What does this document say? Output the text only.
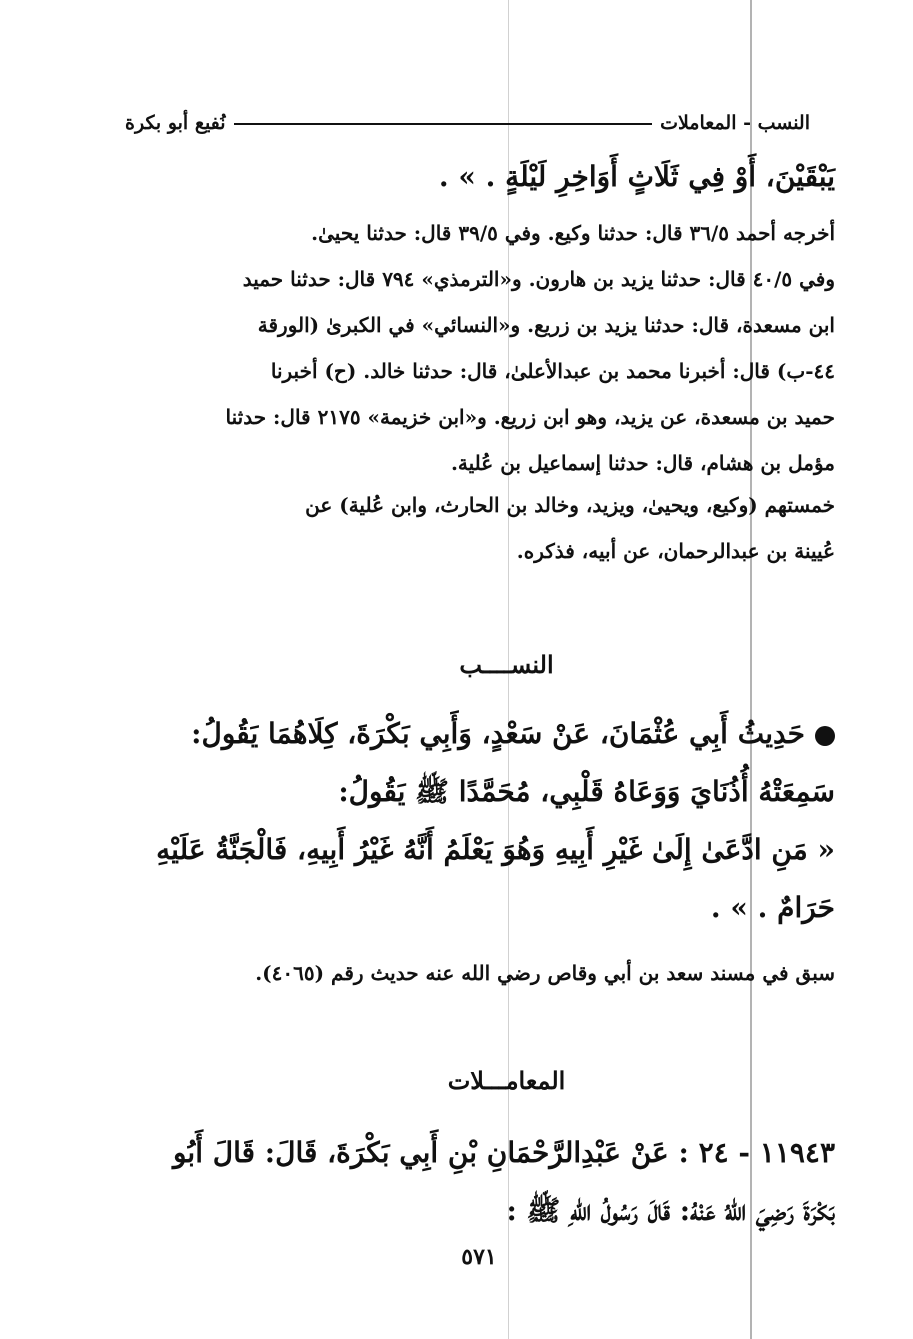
النسب - المعاملات
نُفيع أبو بكرة

يَبْقَيْنَ، أَوْ فِي ثَلَاثٍ أَوَاخِرِ لَيْلَةٍ . » .

أخرجه أحمد ٣٦/٥ قال: حدثنا وكيع. وفي ٣٩/٥ قال: حدثنا يحيىٰ.

وفي ٤٠/٥ قال: حدثنا يزيد بن هارون. و«الترمذي» ٧٩٤ قال: حدثنا حميد

ابن مسعدة، قال: حدثنا يزيد بن زريع. و«النسائي» في الكبرىٰ (الورقة

٤٤-ب) قال: أخبرنا محمد بن عبدالأعلىٰ، قال: حدثنا خالد. (ح) أخبرنا

حميد بن مسعدة، عن يزيد، وهو ابن زريع. و«ابن خزيمة» ٢١٧٥ قال: حدثنا

مؤمل بن هشام، قال: حدثنا إسماعيل بن عُلية.

خمستهم (وكيع، ويحيىٰ، ويزيد، وخالد بن الحارث، وابن عُلية) عن

عُيينة بن عبدالرحمان، عن أبيه، فذكره.

النســــب

حَدِيثُ أَبِي عُثْمَانَ، عَنْ سَعْدٍ، وَأَبِي بَكْرَةَ، كِلَاهُمَا يَقُولُ:

سَمِعَتْهُ أُذُنَايَ وَوَعَاهُ قَلْبِي، مُحَمَّدًا ﷺ يَقُولُ:

« مَنِ ادَّعَىٰ إِلَىٰ غَيْرِ أَبِيهِ وَهُوَ يَعْلَمُ أَنَّهُ غَيْرُ أَبِيهِ، فَالْجَنَّةُ عَلَيْهِ

حَرَامٌ . » .

سبق في مسند سعد بن أبي وقاص رضي الله عنه حديث رقم (٤٠٦٥).

المعامـــلات

١١٩٤٣ - ٢٤ : عَنْ عَبْدِالرَّحْمَانِ بْنِ أَبِي بَكْرَةَ، قَالَ: قَالَ أَبُو

بَكْرَةَ رَضِيَ اللهُ عَنْهُ: قَالَ رَسُولُ اللهِ ﷺ :

٥٧١
